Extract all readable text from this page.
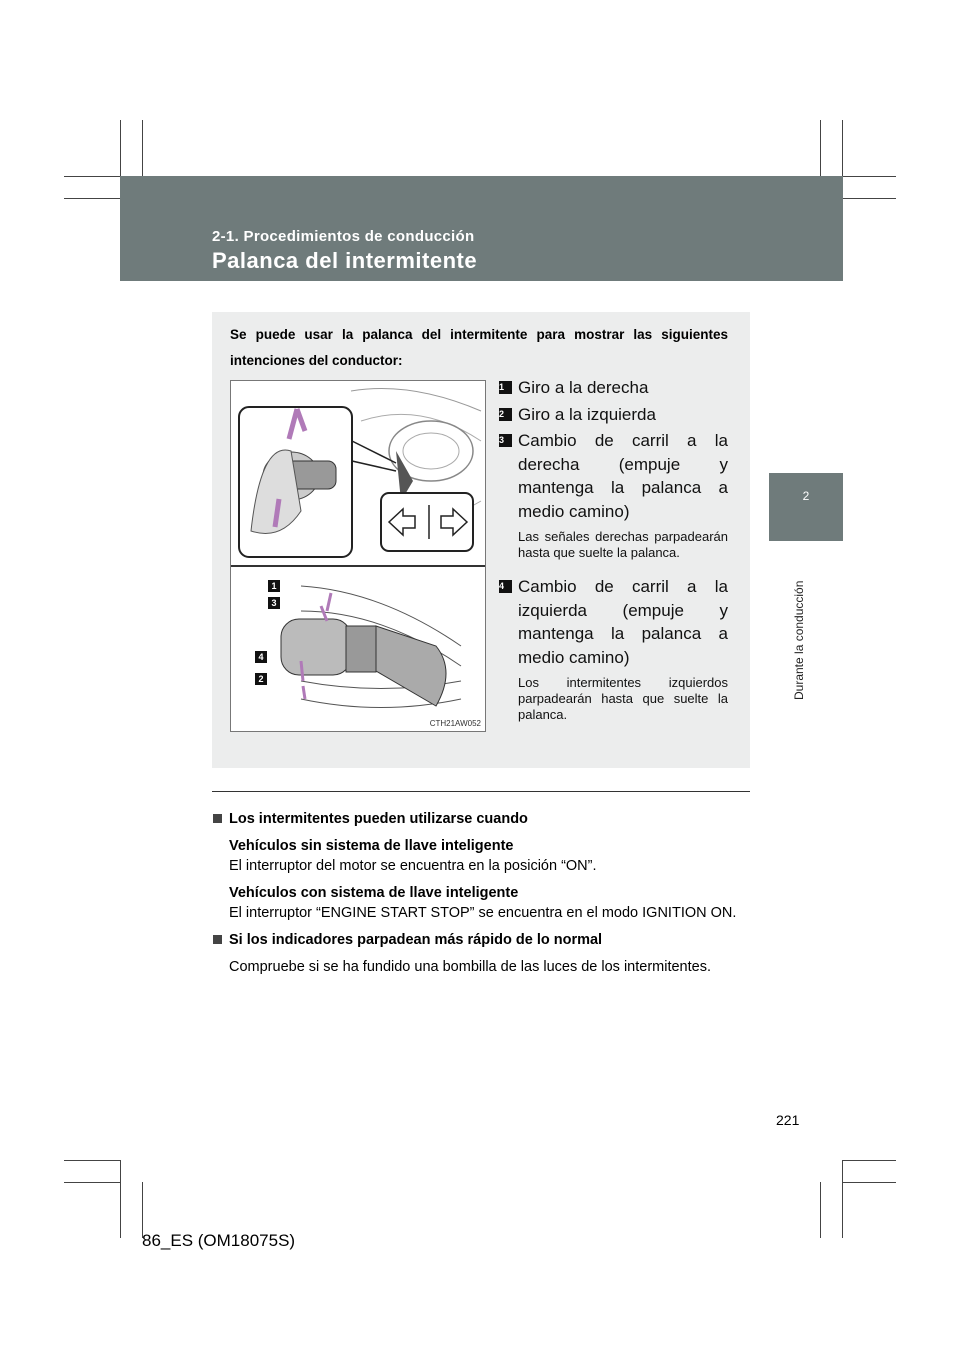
2-1. Procedimientos de conducción
Palanca del intermitente
2
Durante la conducción
Se puede usar la palanca del intermitente para mostrar las siguientes intenciones del conductor:
1
3
4
2
CTH21AW052
1 Giro a la derecha
2 Giro a la izquierda
3 Cambio de carril a la derecha (empuje y mantenga la palanca a medio camino)
Las señales derechas parpadearán hasta que suelte la palanca.
4 Cambio de carril a la izquierda (empuje y mantenga la palanca a medio camino)
Los intermitentes izquierdos parpadearán hasta que suelte la palanca.
Los intermitentes pueden utilizarse cuando
Vehículos sin sistema de llave inteligente
El interruptor del motor se encuentra en la posición “ON”.
Vehículos con sistema de llave inteligente
El interruptor “ENGINE START STOP” se encuentra en el modo IGNITION ON.
Si los indicadores parpadean más rápido de lo normal
Compruebe si se ha fundido una bombilla de las luces de los intermitentes.
221
86_ES (OM18075S)
